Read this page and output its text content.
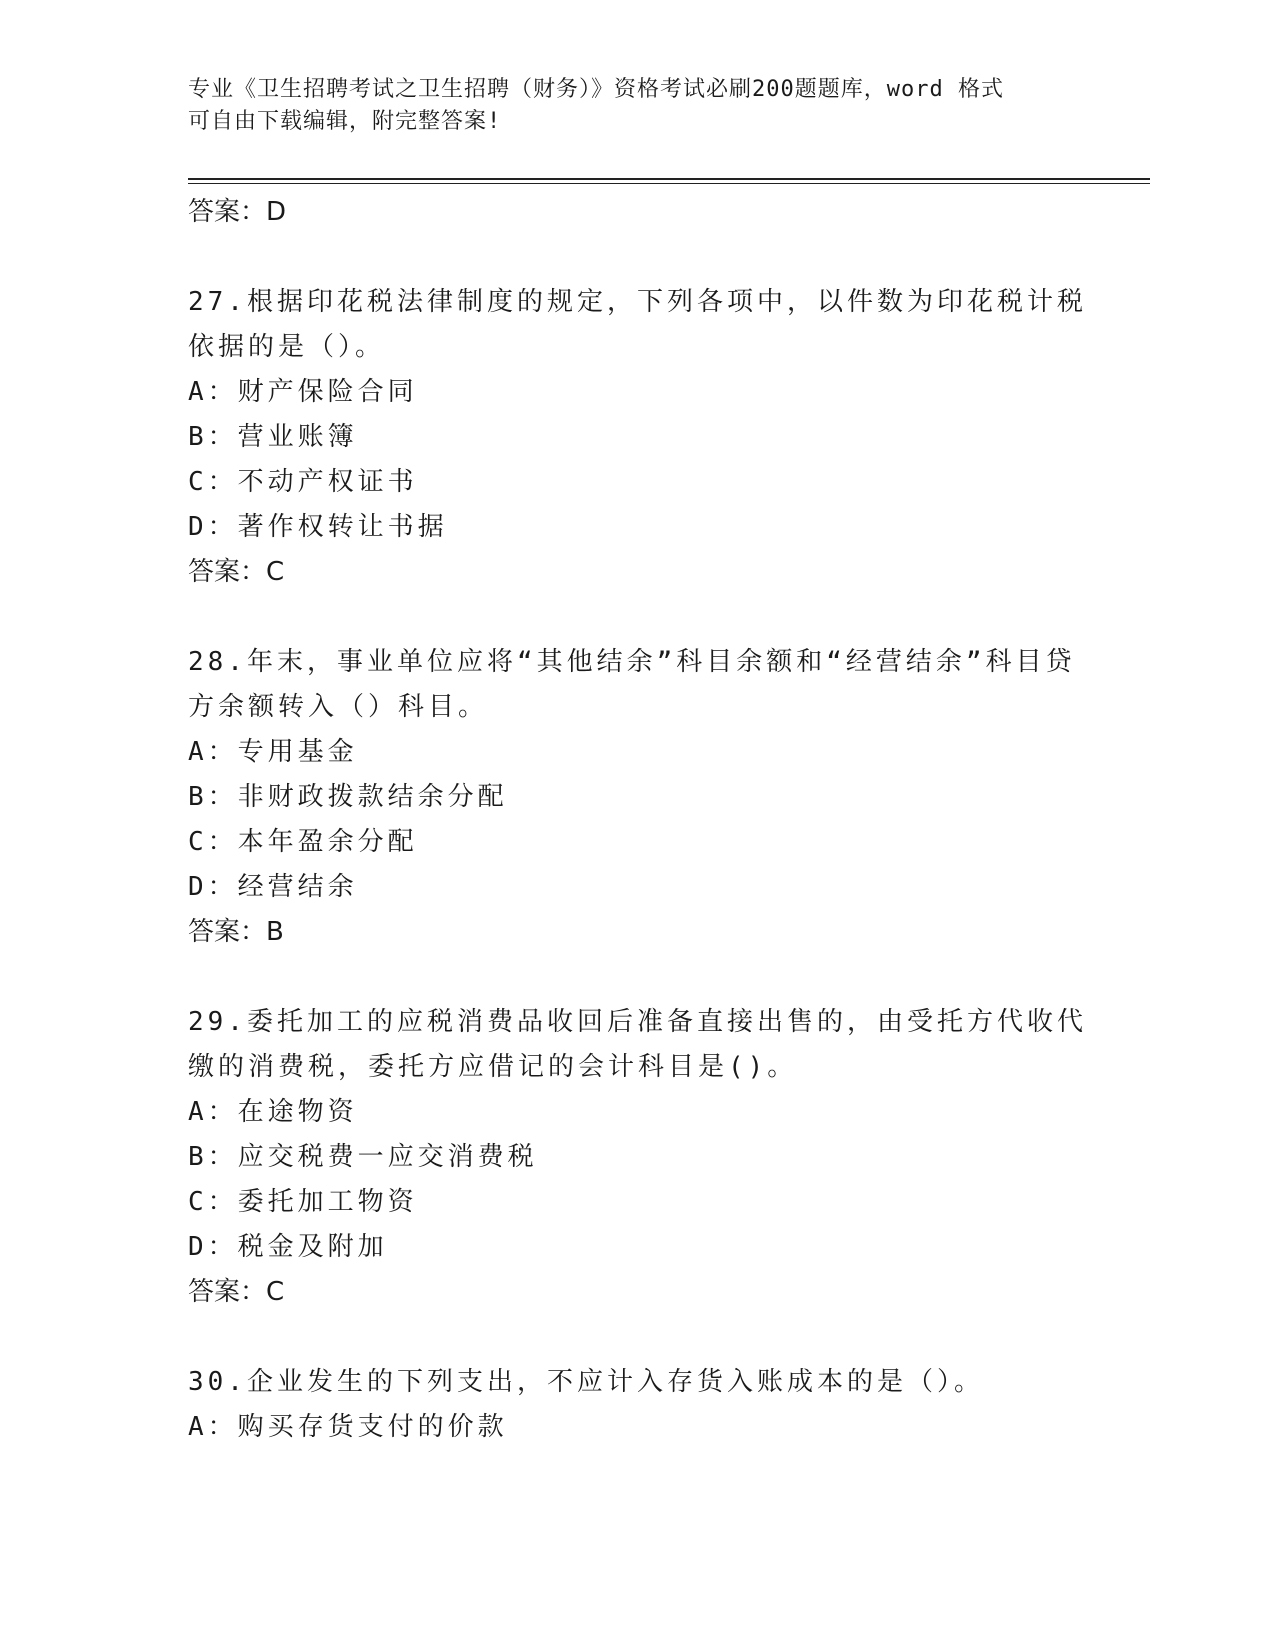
专业《卫生招聘考试之卫生招聘（财务）》资格考试必刷200题题库，word 格式
可自由下载编辑，附完整答案!
答案：D
27.根据印花税法律制度的规定，下列各项中，以件数为印花税计税依据的是（）。
A：财产保险合同
B：营业账簿
C：不动产权证书
D：著作权转让书据
答案：C
28.年末，事业单位应将“其他结余”科目余额和“经营结余”科目贷方余额转入（）科目。
A：专用基金
B：非财政拨款结余分配
C：本年盈余分配
D：经营结余
答案：B
29.委托加工的应税消费品收回后准备直接出售的，由受托方代收代缴的消费税，委托方应借记的会计科目是()。
A：在途物资
B：应交税费一应交消费税
C：委托加工物资
D：税金及附加
答案：C
30.企业发生的下列支出，不应计入存货入账成本的是（）。
A：购买存货支付的价款
